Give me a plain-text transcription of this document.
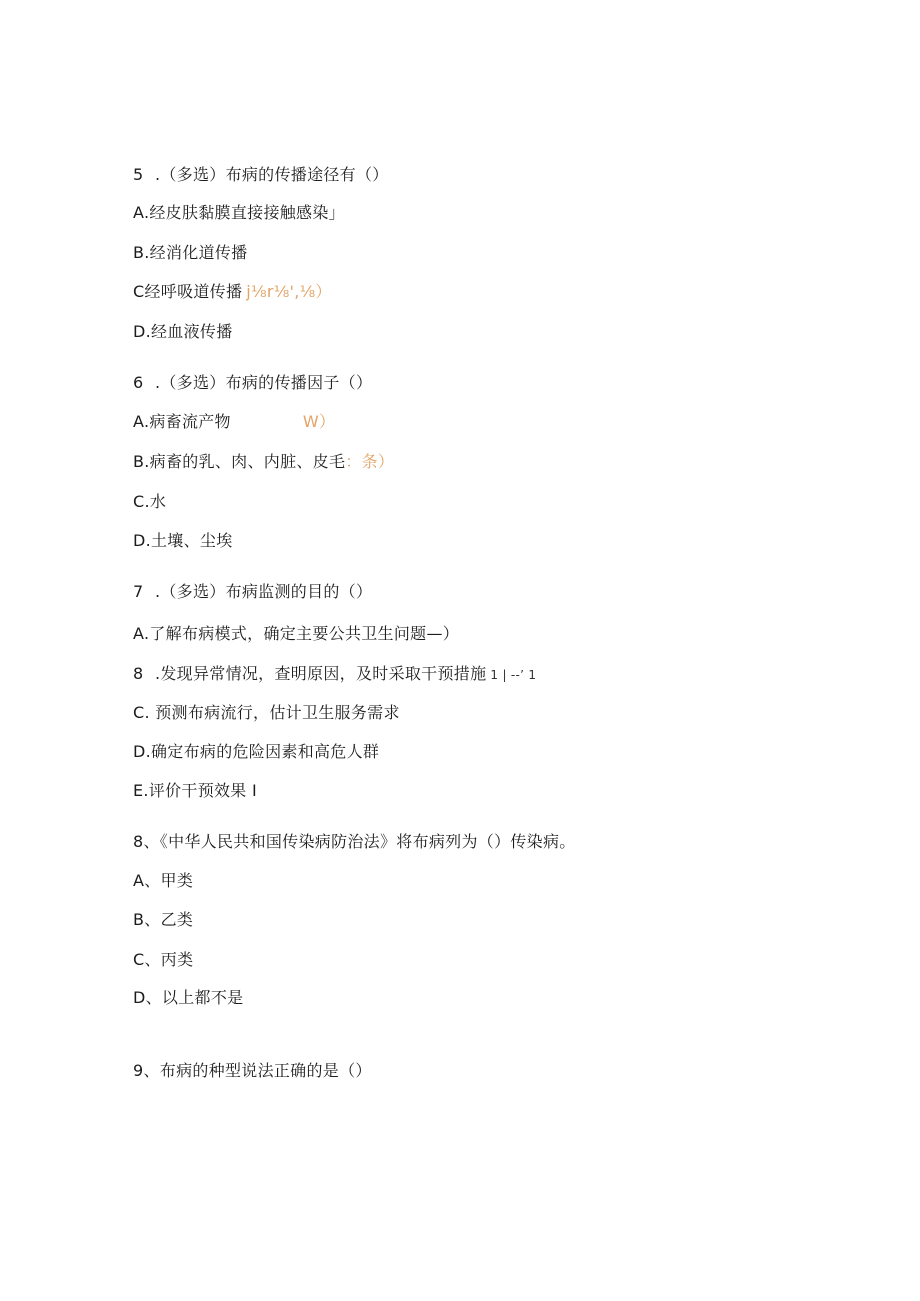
5 .（多选）布病的传播途径有（）
A.经皮肤黏膜直接接触感染」
B.经消化道传播
C经呼吸道传播 j⅛r⅛',⅛）
D.经血液传播
6 .（多选）布病的传播因子（）
A.病畜流产物	W）
B.病畜的乳、肉、内脏、皮毛：条）
C.水
D.土壤、尘埃
7 .（多选）布病监测的目的（）
A.了解布病模式，确定主要公共卫生问题—）
8 .发现异常情况，查明原因，及时采取干预措施 1 | --’ 1
C. 预测布病流行，估计卫生服务需求
D.确定布病的危险因素和高危人群
E.评价干预效果 I
8、《中华人民共和国传染病防治法》将布病列为（）传染病。
A、甲类
B、乙类
C、丙类
D、以上都不是
9、布病的种型说法正确的是（）
